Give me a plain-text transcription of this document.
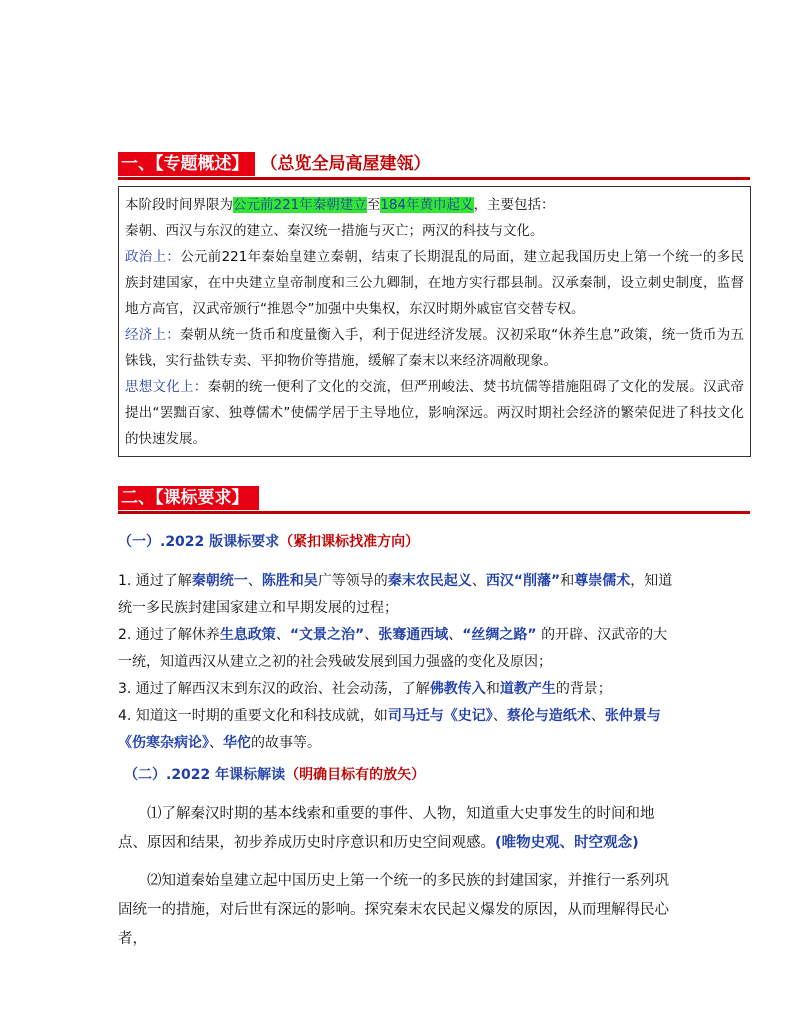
一、【专题概述】 （总览全局高屋建瓴）

本阶段时间界限为公元前221年秦朝建立至184年黄巾起义，主要包括：

秦朝、西汉与东汉的建立、秦汉统一措施与灭亡；两汉的科技与文化。

政治上：公元前221年秦始皇建立秦朝，结束了长期混乱的局面，建立起我国历史上第一个统一的多民族封建国家，在中央建立皇帝制度和三公九卿制，在地方实行郡县制。汉承秦制，设立刺史制度，监督地方高官，汉武帝颁行“推恩令”加强中央集权，东汉时期外戚宦官交替专权。

经济上：秦朝从统一货币和度量衡入手，利于促进经济发展。汉初采取“休养生息”政策，统一货币为五铢钱，实行盐铁专卖、平抑物价等措施，缓解了秦末以来经济凋敝现象。

思想文化上：秦朝的统一便利了文化的交流，但严刑峻法、焚书坑儒等措施阻碍了文化的发展。汉武帝提出“罢黜百家、独尊儒术”使儒学居于主导地位，影响深远。两汉时期社会经济的繁荣促进了科技文化的快速发展。

二、【课标要求】
（一）.2022 版课标要求（紧扣课标找准方向）

1. 通过了解秦朝统一、陈胜和吴广等领导的秦末农民起义、西汉“削藩”和尊崇儒术，知道统一多民族封建国家建立和早期发展的过程；

2. 通过了解休养生息政策、“文景之治”、张骞通西域、“丝绸之路” 的开辟、汉武帝的大一统，知道西汉从建立之初的社会残破发展到国力强盛的变化及原因；

3. 通过了解西汉末到东汉的政治、社会动荡，了解佛教传入和道教产生的背景；

4. 知道这一时期的重要文化和科技成就，如司马迁与《史记》、蔡伦与造纸术、张仲景与《伤寒杂病论》、华佗的故事等。

（二）.2022 年课标解读（明确目标有的放矢）

⑴了解秦汉时期的基本线索和重要的事件、人物，知道重大史事发生的时间和地点、原因和结果，初步养成历史时序意识和历史空间观感。(唯物史观、时空观念)

⑵知道秦始皇建立起中国历史上第一个统一的多民族的封建国家，并推行一系列巩固统一的措施，对后世有深远的影响。探究秦末农民起义爆发的原因，从而理解得民心者，
